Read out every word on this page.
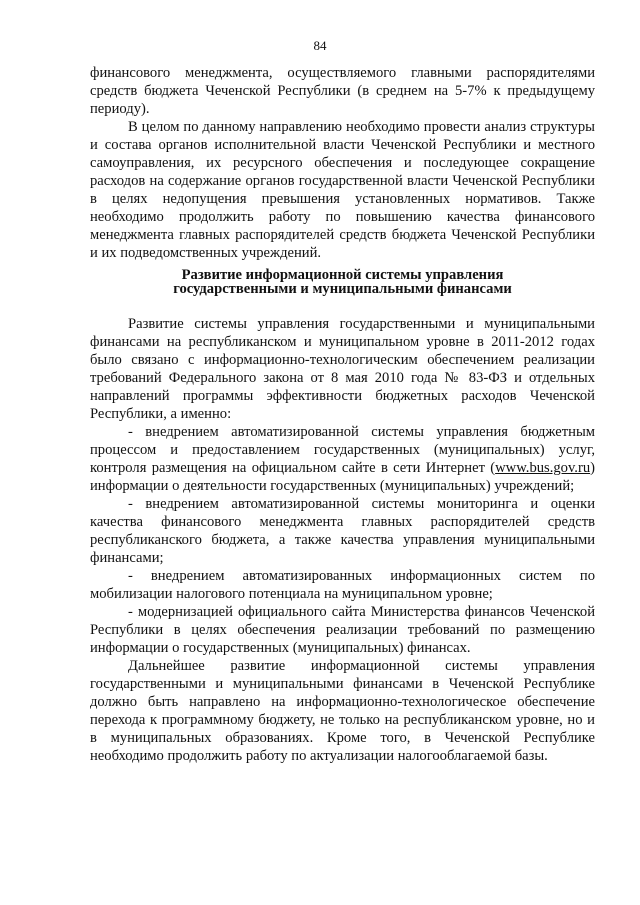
84

финансового менеджмента, осуществляемого главными распорядителями средств бюджета Чеченской Республики (в среднем на 5-7% к предыдущему периоду).

В целом по данному направлению необходимо провести анализ структуры и состава органов исполнительной власти Чеченской Республики и местного самоуправления, их ресурсного обеспечения и последующее сокращение расходов на содержание органов государственной власти Чеченской Республики в целях недопущения превышения установленных нормативов. Также необходимо продолжить работу по повышению качества финансового менеджмента главных распорядителей средств бюджета Чеченской Республики и их подведомственных учреждений.

Развитие информационной системы управления
государственными и муниципальными финансами

Развитие системы управления государственными и муниципальными финансами на республиканском и муниципальном уровне в 2011-2012 годах было связано с информационно-технологическим обеспечением реализации требований Федерального закона от 8 мая 2010 года № 83-ФЗ и отдельных направлений программы эффективности бюджетных расходов Чеченской Республики, а именно:

- внедрением автоматизированной системы управления бюджетным процессом и предоставлением государственных (муниципальных) услуг, контроля размещения на официальном сайте в сети Интернет (www.bus.gov.ru) информации о деятельности государственных (муниципальных) учреждений;

- внедрением автоматизированной системы мониторинга и оценки качества финансового менеджмента главных распорядителей средств республиканского бюджета, а также качества управления муниципальными финансами;

- внедрением автоматизированных информационных систем по мобилизации налогового потенциала на муниципальном уровне;

- модернизацией официального сайта Министерства финансов Чеченской Республики в целях обеспечения реализации требований по размещению информации о государственных (муниципальных) финансах.

Дальнейшее развитие информационной системы управления государственными и муниципальными финансами в Чеченской Республике должно быть направлено на информационно-технологическое обеспечение перехода к программному бюджету, не только на республиканском уровне, но и в муниципальных образованиях. Кроме того, в Чеченской Республике необходимо продолжить работу по актуализации налогооблагаемой базы.
